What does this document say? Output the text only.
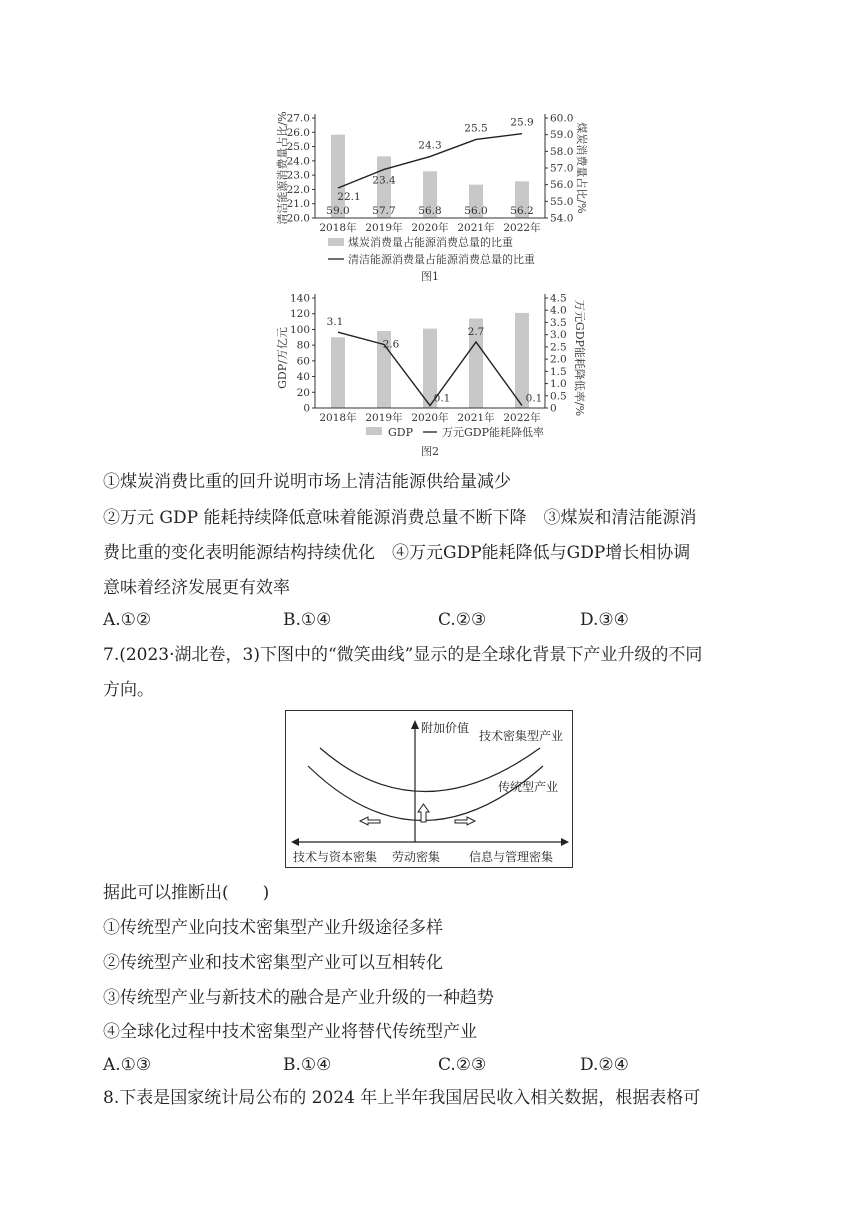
20.0
21.0
22.0
23.0
24.0
25.0
26.0
27.0
54.0
55.0
56.0
57.0
58.0
59.0
60.0
2018年 2019年 2020年 2021年 2022年
22.1
23.4
24.3
25.5 25.9
59.0 57.7 56.8 56.0 56.2
清洁能源消费量占比/%	煤炭消费量占比/%
煤炭消费量占能源消费总量的比重
清洁能源消费量占能源消费总量的比重
图1
0
20
40
60
80
100
120
140
0
0.5
1.0
1.5
2.0
2.5
3.0
3.5
4.0
4.5
2018年 2019年 2020年 2021年 2022年
3.1
2.6
0.1
2.7
0.1
GDP/万亿元	万元GDP能耗降低率/%
GDP	万元GDP能耗降低率
图2
①煤炭消费比重的回升说明市场上清洁能源供给量减少
②万元 GDP 能耗持续降低意味着能源消费总量不断下降　③煤炭和清洁能源消
费比重的变化表明能源结构持续优化　④万元GDP能耗降低与GDP增长相协调
意味着经济发展更有效率
A.①②	B.①④	C.②③	D.③④
7.(2023·湖北卷，3)下图中的“微笑曲线”显示的是全球化背景下产业升级的不同
方向。
附加价值
技术密集型产业
传统型产业
技术与资本密集 劳动密集 信息与管理密集
据此可以推断出(　　)
①传统型产业向技术密集型产业升级途径多样
②传统型产业和技术密集型产业可以互相转化
③传统型产业与新技术的融合是产业升级的一种趋势
④全球化过程中技术密集型产业将替代传统型产业
A.①③	B.①④	C.②③	D.②④
8.下表是国家统计局公布的 2024 年上半年我国居民收入相关数据，根据表格可
